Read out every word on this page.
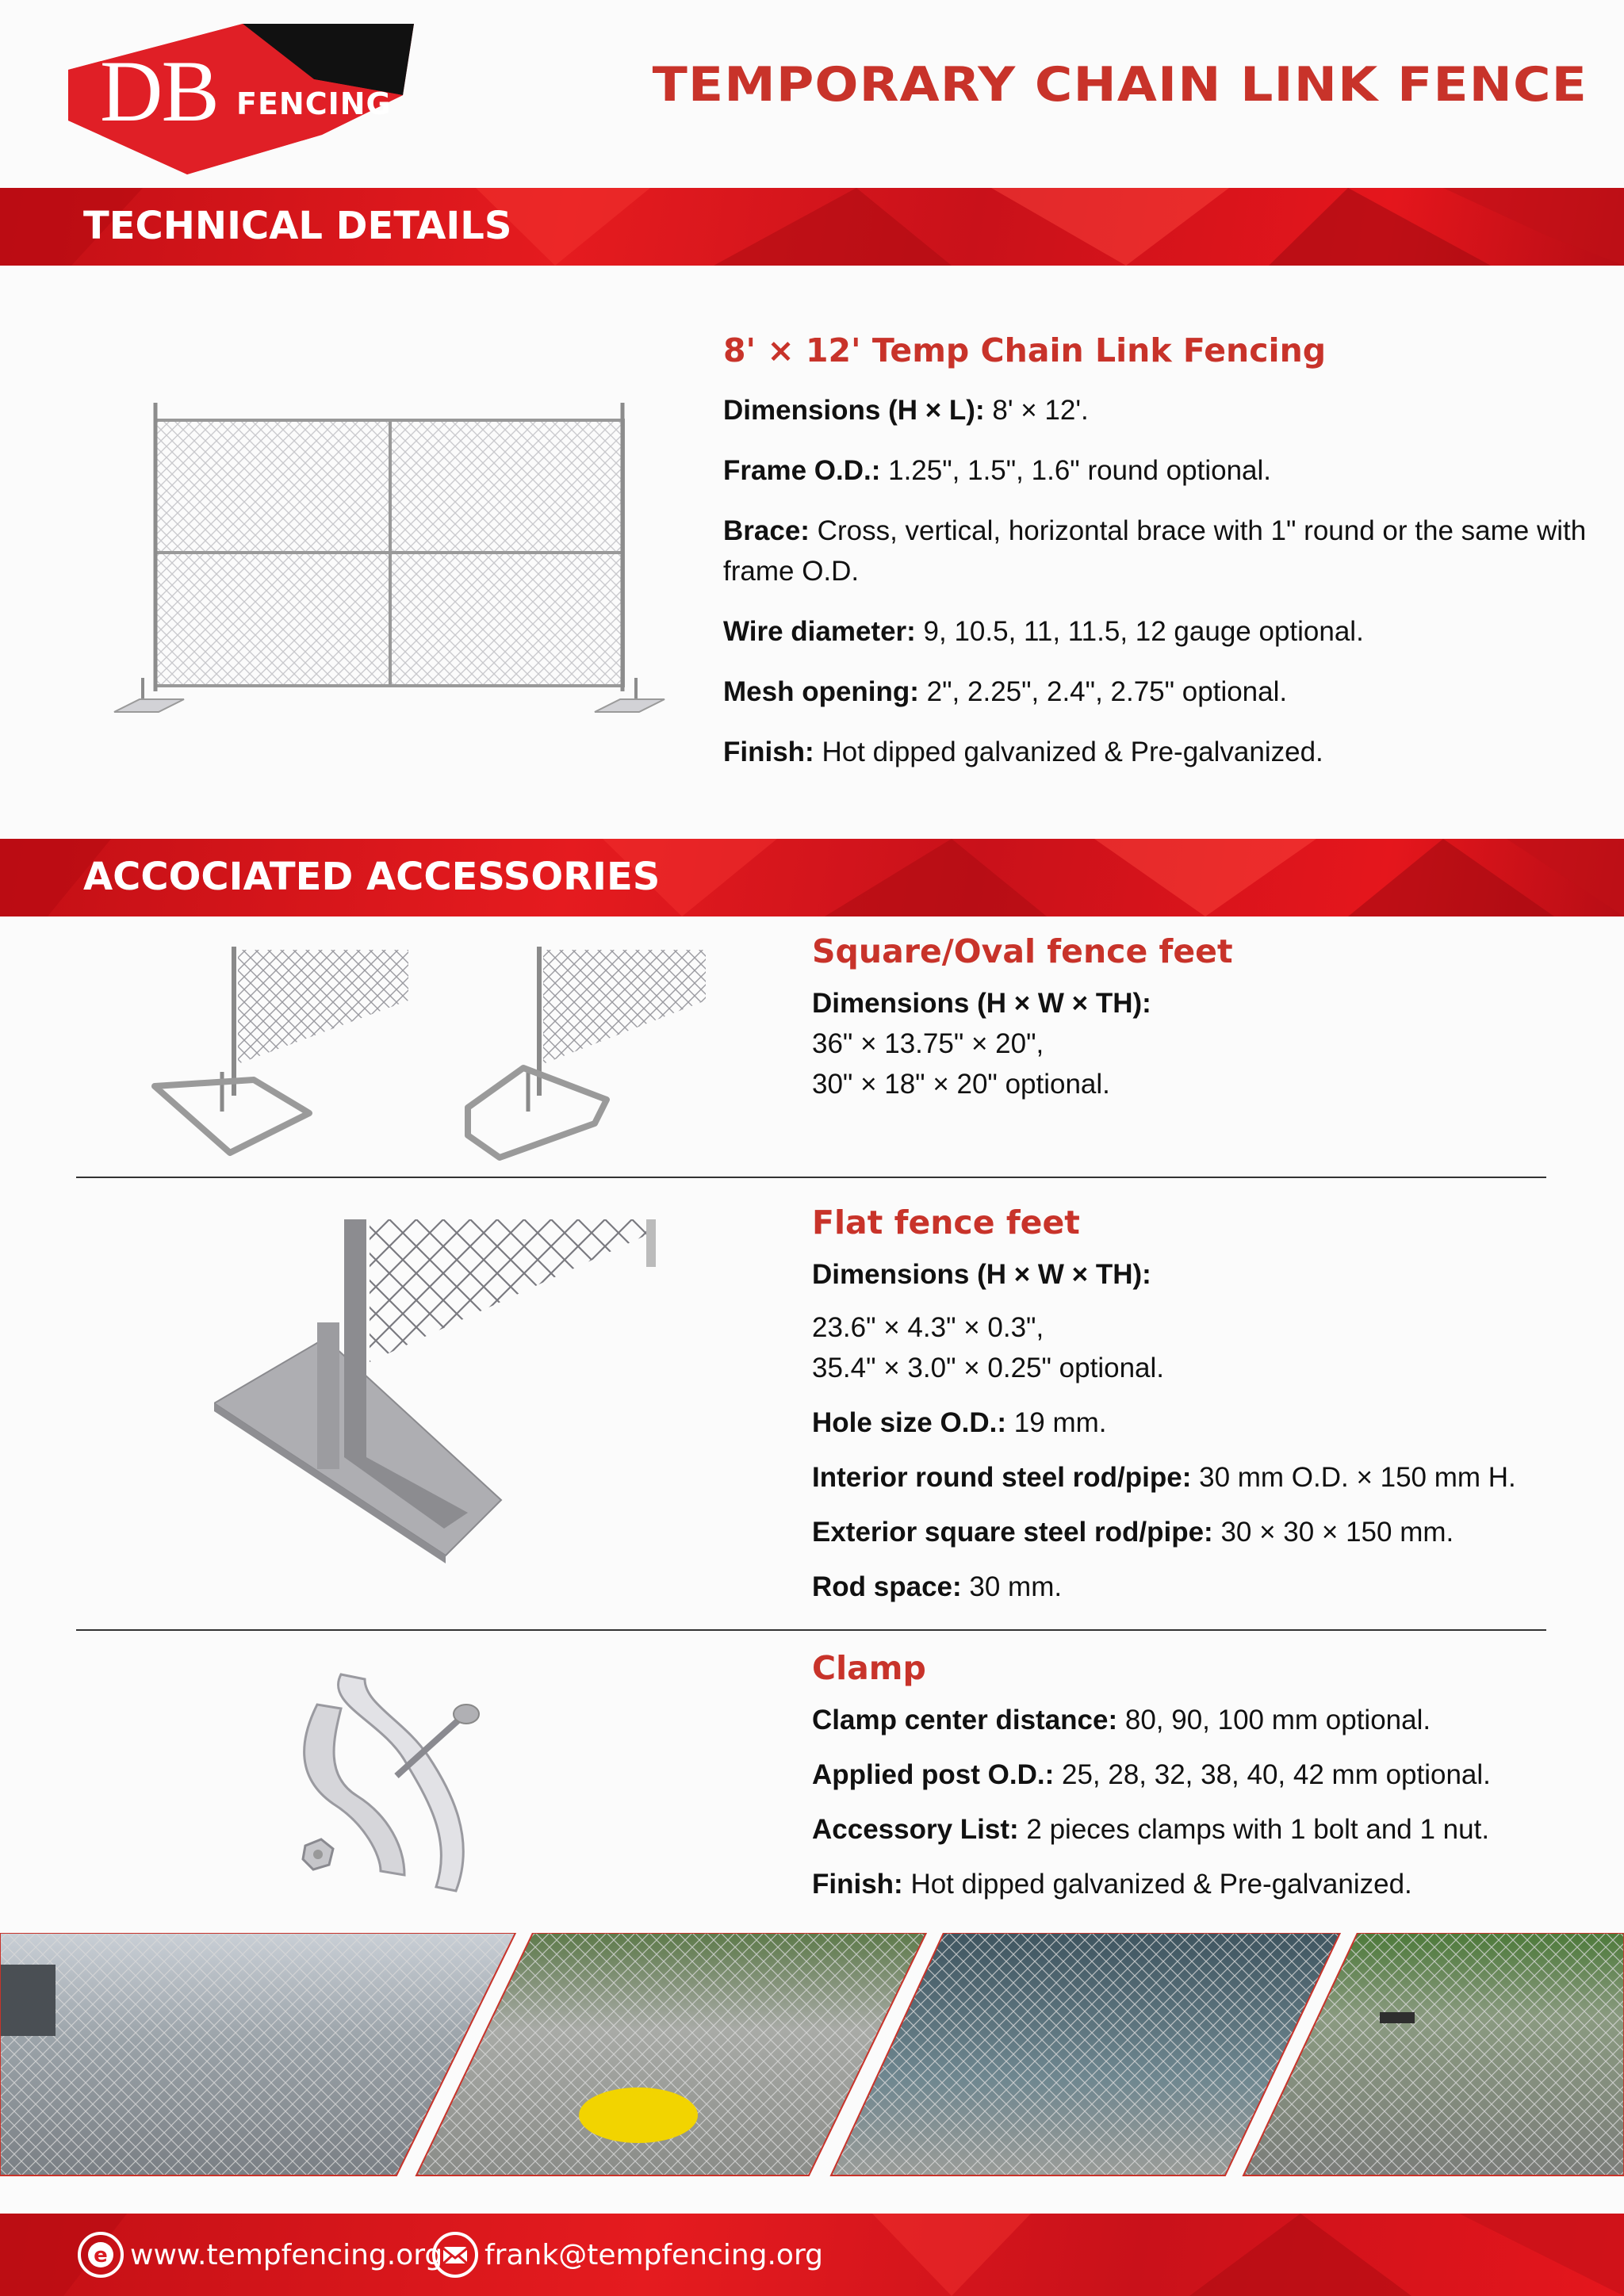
DB FENCING	TEMPORARY CHAIN LINK FENCE
TECHNICAL DETAILS
8' × 12' Temp Chain Link Fencing
Dimensions (H × L): 8' × 12'.
Frame O.D.: 1.25", 1.5", 1.6" round optional.
Brace: Cross, vertical, horizontal brace with 1" round or the same with frame O.D.
Wire diameter: 9, 10.5, 11, 11.5, 12 gauge optional.
Mesh opening: 2", 2.25", 2.4", 2.75" optional.
Finish: Hot dipped galvanized & Pre-galvanized.
ACCOCIATED ACCESSORIES
Square/Oval fence feet
Dimensions (H × W × TH):
36" × 13.75" × 20",
30" × 18" × 20" optional.
Flat fence feet
Dimensions (H × W × TH):
23.6" × 4.3" × 0.3",
35.4" × 3.0" × 0.25" optional.
Hole size O.D.: 19 mm.
Interior round steel rod/pipe: 30 mm O.D. × 150 mm H.
Exterior square steel rod/pipe: 30 × 30 × 150 mm.
Rod space: 30 mm.
Clamp
Clamp center distance: 80, 90, 100 mm optional.
Applied post O.D.: 25, 28, 32, 38, 40, 42 mm optional.
Accessory List: 2 pieces clamps with 1 bolt and 1 nut.
Finish: Hot dipped galvanized & Pre-galvanized.
e www.tempfencing.org frank@tempfencing.org
